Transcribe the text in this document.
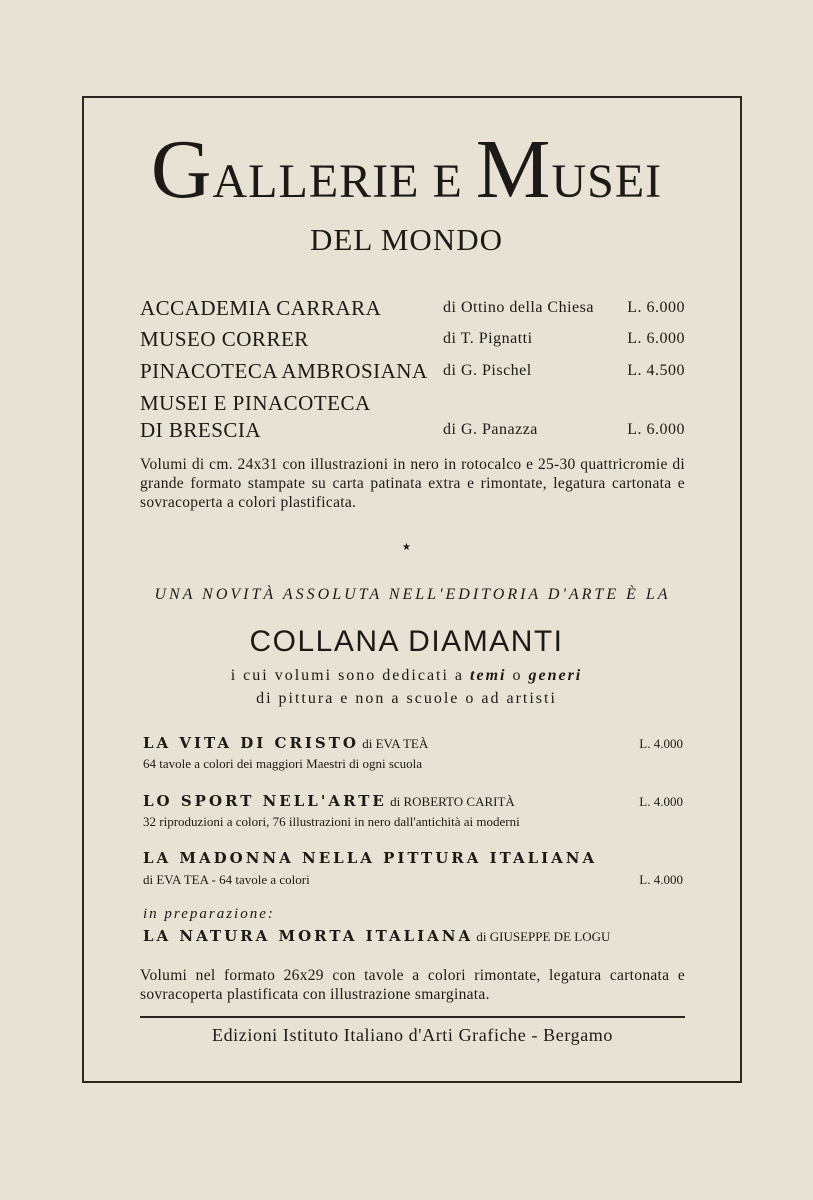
GALLERIE E MUSEI
DEL MONDO
ACCADEMIA CARRARA	di Ottino della Chiesa L. 6.000
MUSEO CORRER	di T. Pignatti	L. 6.000
PINACOTECA AMBROSIANA di G. Pischel	L. 4.500
MUSEI E PINACOTECA
DI BRESCIA	di G. Panazza	L. 6.000
Volumi di cm. 24x31 con illustrazioni in nero in rotocalco e 25-30 quattricromie di grande formato stampate su carta patinata extra e rimontate, legatura cartonata e sovracoperta a colori plastificata.
★
UNA NOVITÀ ASSOLUTA NELL'EDITORIA D'ARTE È LA
COLLANA DIAMANTI
i cui volumi sono dedicati a temi o generi
di pittura e non a scuole o ad artisti
LA VITA DI CRISTO di EVA TEÀ	L. 4.000
64 tavole a colori dei maggiori Maestri di ogni scuola
LO SPORT NELL'ARTE di ROBERTO CARITÀ	L. 4.000
32 riproduzioni a colori, 76 illustrazioni in nero dall'antichità ai moderni
LA MADONNA NELLA PITTURA ITALIANA
di EVA TEA - 64 tavole a colori	L. 4.000
in preparazione:
LA NATURA MORTA ITALIANA di GIUSEPPE DE LOGU
Volumi nel formato 26x29 con tavole a colori rimontate, legatura cartonata e sovracoperta plastificata con illustrazione smarginata.
Edizioni Istituto Italiano d'Arti Grafiche - Bergamo
